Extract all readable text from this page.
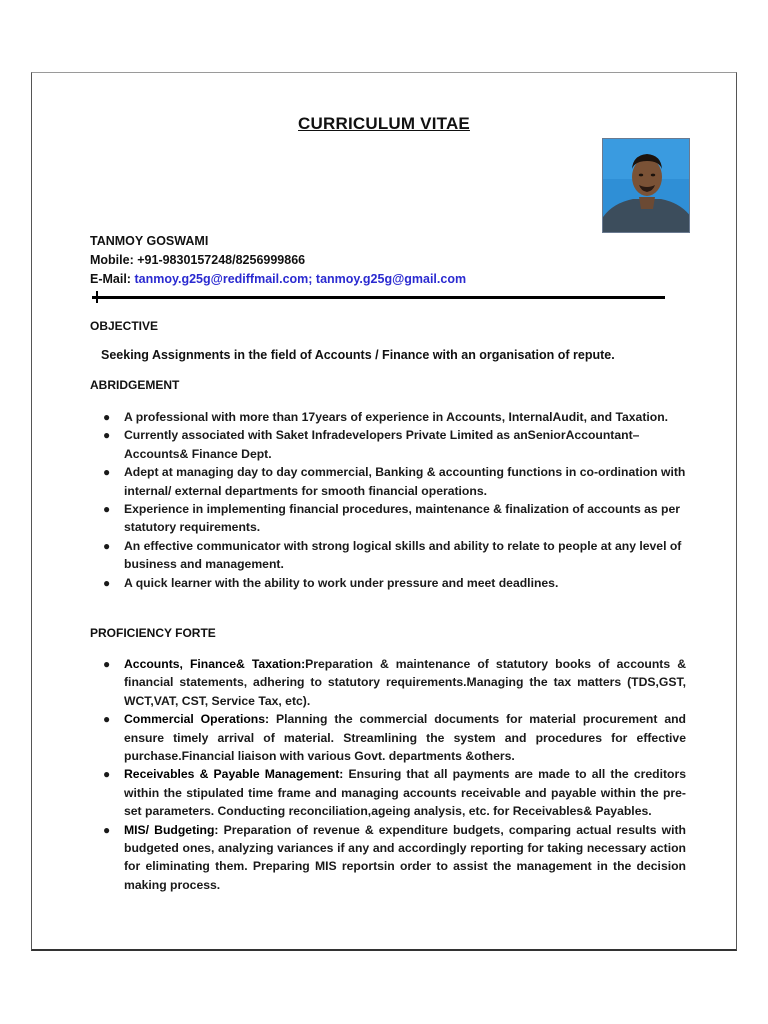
CURRICULUM VITAE
TANMOY GOSWAMI
Mobile: +91-9830157248/8256999866
E-Mail: tanmoy.g25g@rediffmail.com; tanmoy.g25g@gmail.com
OBJECTIVE
Seeking Assignments in the field of Accounts / Finance with an organisation of repute.
ABRIDGEMENT
● A professional with more than 17years of experience in Accounts, InternalAudit, and Taxation.
● Currently associated with Saket Infradevelopers Private Limited as anSeniorAccountant– Accounts& Finance Dept.
● Adept at managing day to day commercial, Banking & accounting functions in co-ordination with internal/ external departments for smooth financial operations.
● Experience in implementing financial procedures, maintenance & finalization of accounts as per statutory requirements.
● An effective communicator with strong logical skills and ability to relate to people at any level of business and management.
● A quick learner with the ability to work under pressure and meet deadlines.
PROFICIENCY FORTE
● Accounts, Finance& Taxation:Preparation & maintenance of statutory books of accounts & financial statements, adhering to statutory requirements.Managing the tax matters (TDS,GST, WCT,VAT, CST, Service Tax, etc).
● Commercial Operations: Planning the commercial documents for material procurement and ensure timely arrival of material. Streamlining the system and procedures for effective purchase.Financial liaison with various Govt. departments &others.
● Receivables & Payable Management: Ensuring that all payments are made to all the creditors within the stipulated time frame and managing accounts receivable and payable within the pre-set parameters. Conducting reconciliation,ageing analysis, etc. for Receivables& Payables.
● MIS/ Budgeting: Preparation of revenue & expenditure budgets, comparing actual results with budgeted ones, analyzing variances if any and accordingly reporting for taking necessary action for eliminating them. Preparing MIS reportsin order to assist the management in the decision making process.
